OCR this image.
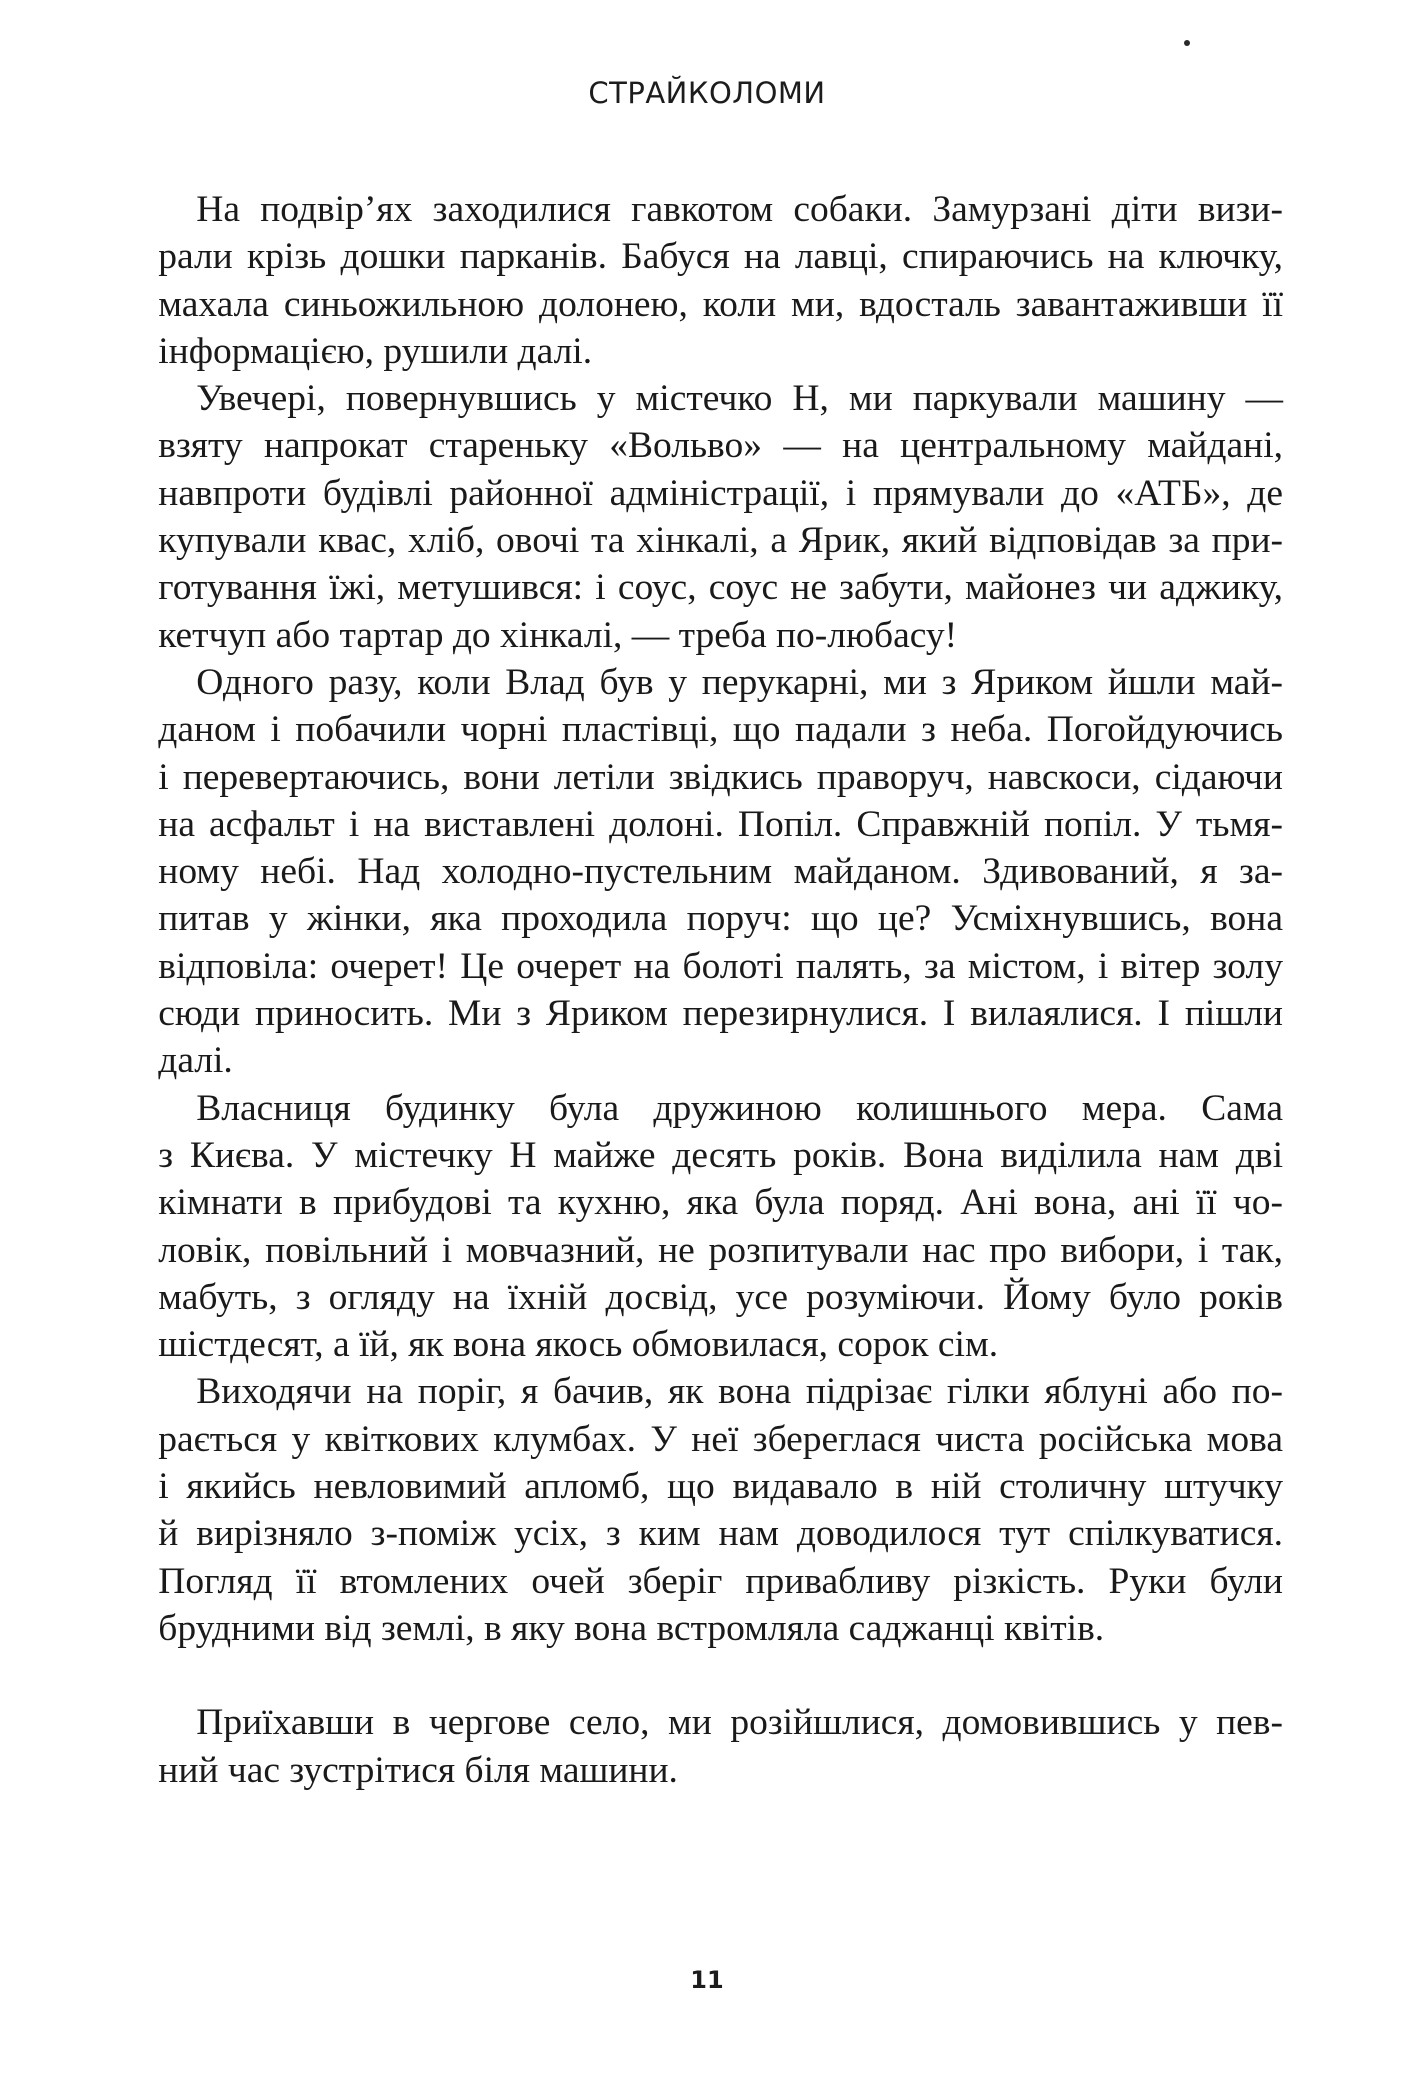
СТРАЙКОЛОМИ

На подвір’ях заходилися гавкотом собаки. Замурзані діти визи-
рали крізь дошки парканів. Бабуся на лавці, спираючись на ключку,
махала синьожильною долонею, коли ми, вдосталь завантаживши її
інформацією, рушили далі.

Увечері, повернувшись у містечко Н, ми паркували машину —
взяту напрокат стареньку «Вольво» — на центральному майдані,
навпроти будівлі районної адміністрації, і прямували до «АТБ», де
купували квас, хліб, овочі та хінкалі, а Ярик, який відповідав за при-
готування їжі, метушився: і соус, соус не забути, майонез чи аджику,
кетчуп або тартар до хінкалі, — треба по-любасу!

Одного разу, коли Влад був у перукарні, ми з Яриком йшли май-
даном і побачили чорні пластівці, що падали з неба. Погойдуючись
і перевертаючись, вони летіли звідкись праворуч, навскоси, сідаючи
на асфальт і на виставлені долоні. Попіл. Справжній попіл. У тьмя-
ному небі. Над холодно-пустельним майданом. Здивований, я за-
питав у жінки, яка проходила поруч: що це? Усміхнувшись, вона
відповіла: очерет! Це очерет на болоті палять, за містом, і вітер золу
сюди приносить. Ми з Яриком перезирнулися. І вилаялися. І пішли
далі.

Власниця будинку була дружиною колишнього мера. Сама
з Києва. У містечку Н майже десять років. Вона виділила нам дві
кімнати в прибудові та кухню, яка була поряд. Ані вона, ані її чо-
ловік, повільний і мовчазний, не розпитували нас про вибори, і так,
мабуть, з огляду на їхній досвід, усе розуміючи. Йому було років
шістдесят, а їй, як вона якось обмовилася, сорок сім.

Виходячи на поріг, я бачив, як вона підрізає гілки яблуні або по-
рається у квіткових клумбах. У неї збереглася чиста російська мова
і якийсь невловимий апломб, що видавало в ній столичну штучку
й вирізняло з-поміж усіх, з ким нам доводилося тут спілкуватися.
Погляд її втомлених очей зберіг привабливу різкість. Руки були
брудними від землі, в яку вона встромляла саджанці квітів.

Приїхавши в чергове село, ми розійшлися, домовившись у пев-
ний час зустрітися біля машини.

11
